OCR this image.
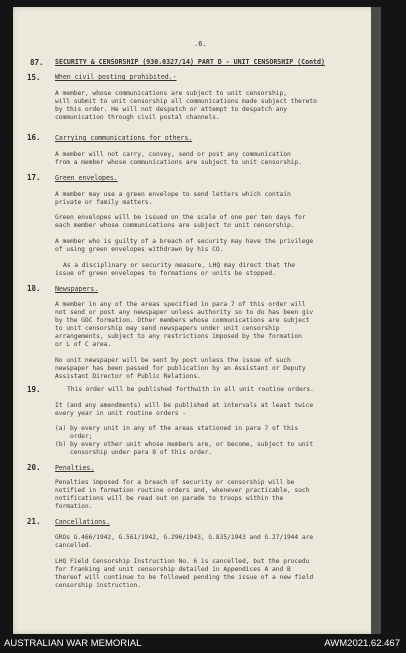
.6.
87. SECURITY & CENSORSHIP (930.0327/14) PART D - UNIT CENSORSHIP (Contd)
15. When civil posting prohibited.-
A member, whose communications are subject to unit censorship,
will submit to unit censorship all communications made subject thereto
by this order. He will not despatch or attempt to despatch any
communication through civil postal channels.
16. Carrying communications for others.
A member will not carry, convey, send or post any communication
from a member whose communications are subject to unit censorship.
17. Green envelopes.
A member may use a green envelope to send letters which contain
private or family matters.
Green envelopes will be issued on the scale of one per ten days for
each member whose communications are subject to unit censorship.
A member who is guilty of a breach of security may have the privilege
of using green envelopes withdrawn by his CO.
As a disciplinary or security measure, LHQ may direct that the
issue of green envelopes to formations or units be stopped.
18. Newspapers.
A member in any of the areas specified in para 7 of this order will
not send or post any newspaper unless authority so to do has been giv
by the GOC formation. Other members whose communications are subject
to unit censorship may send newspapers under unit censorship
arrangements, subject to any restrictions imposed by the formation
or L of C area.
No unit newspaper will be sent by post unless the issue of such
newspaper has been passed for publication by an Assistant or Deputy
Assistant Director of Public Relations.
19.	This order will be published forthwith in all unit routine orders.
It (and any amendments) will be published at intervals at least twice
every year in unit routine orders -
(a) by every unit in any of the areas stationed in para 7 of this
order;
(b) by every other unit whose members are, or become, subject to unit
censorship under para 8 of this order.
20. Penalties.
Penalties imposed for a breach of security or censorship will be
notified in formation routine orders and, whenever practicable, such
notifications will be read out on parade to troops within the
formation.
21. Cancellations.
GROs G.466/1942, G.561/1942, G.296/1943, G.835/1943 and G.27/1944 are
cancelled.
LHQ Field Censorship Instruction No. 6 is cancelled, but the procedu
for franking and unit censorship detailed in Appendices A and B
thereof will continue to be followed pending the issue of a new field
censorship instruction.
AUSTRALIAN WAR MEMORIAL	AWM2021.62.467
